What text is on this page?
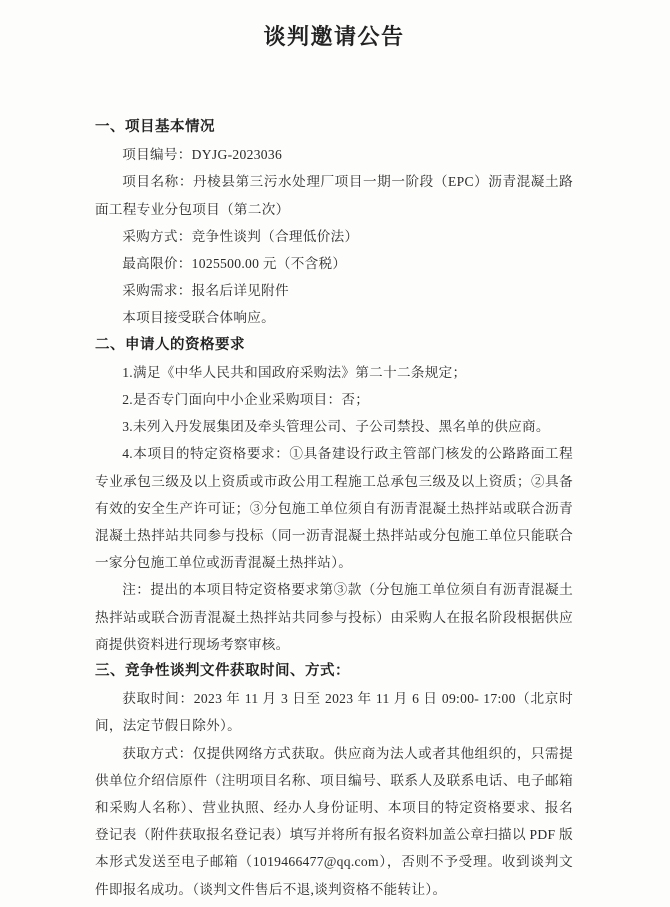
谈判邀请公告

一、项目基本情况

项目编号：DYJG-2023036

项目名称：丹棱县第三污水处理厂项目一期一阶段（EPC）沥青混凝土路面工程专业分包项目（第二次）

采购方式：竞争性谈判（合理低价法）

最高限价：1025500.00 元（不含税）

采购需求：报名后详见附件

本项目接受联合体响应。

二、申请人的资格要求

1.满足《中华人民共和国政府采购法》第二十二条规定；

2.是否专门面向中小企业采购项目：否；

3.未列入丹发展集团及牵头管理公司、子公司禁投、黑名单的供应商。

4.本项目的特定资格要求：①具备建设行政主管部门核发的公路路面工程专业承包三级及以上资质或市政公用工程施工总承包三级及以上资质；②具备有效的安全生产许可证；③分包施工单位须自有沥青混凝土热拌站或联合沥青混凝土热拌站共同参与投标（同一沥青混凝土热拌站或分包施工单位只能联合一家分包施工单位或沥青混凝土热拌站）。

注：提出的本项目特定资格要求第③款（分包施工单位须自有沥青混凝土热拌站或联合沥青混凝土热拌站共同参与投标）由采购人在报名阶段根据供应商提供资料进行现场考察审核。

三、竞争性谈判文件获取时间、方式：

获取时间：2023 年 11 月 3 日至 2023 年 11 月 6 日 09:00- 17:00（北京时间，法定节假日除外）。

获取方式：仅提供网络方式获取。供应商为法人或者其他组织的，只需提供单位介绍信原件（注明项目名称、项目编号、联系人及联系电话、电子邮箱和采购人名称）、营业执照、经办人身份证明、本项目的特定资格要求、报名登记表（附件获取报名登记表）填写并将所有报名资料加盖公章扫描以 PDF 版本形式发送至电子邮箱（1019466477@qq.com），否则不予受理。收到谈判文件即报名成功。（谈判文件售后不退,谈判资格不能转让）。
